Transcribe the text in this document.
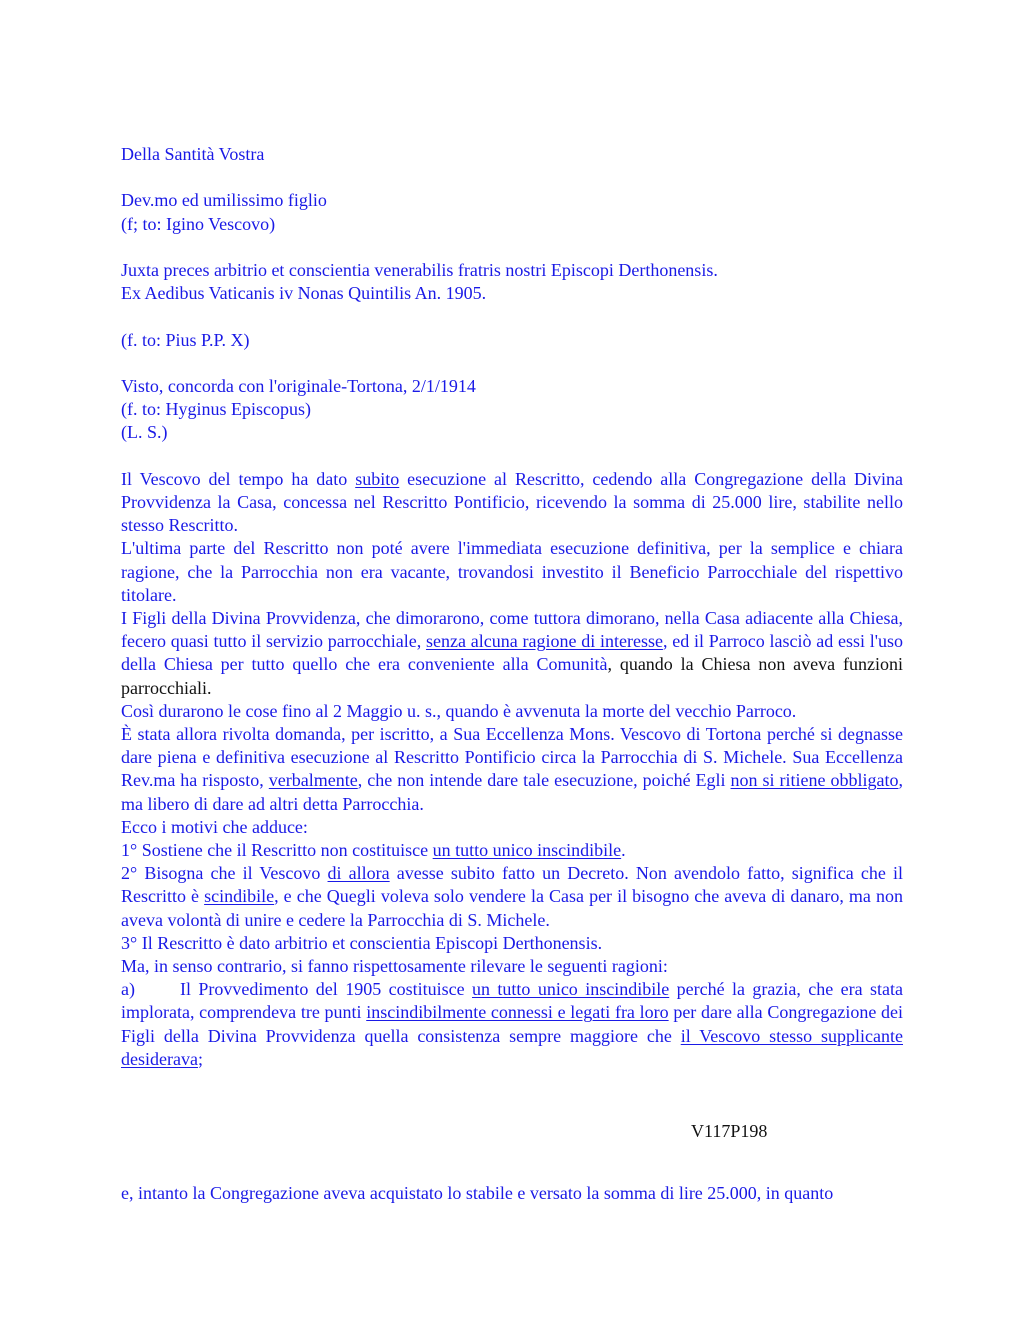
Della Santità Vostra

Dev.mo ed umilissimo figlio

(f; to: Igino Vescovo)

Juxta preces arbitrio et conscientia venerabilis fratris nostri Episcopi Derthonensis.

Ex Aedibus Vaticanis iv Nonas Quintilis An. 1905.

(f. to: Pius P.P. X)

Visto, concorda con l'originale-Tortona, 2/1/1914

(f. to: Hyginus Episcopus)

(L. S.)

Il Vescovo del tempo ha dato subito esecuzione al Rescritto, cedendo alla Congregazione della Divina Provvidenza la Casa, concessa nel Rescritto Pontificio, ricevendo la somma di 25.000 lire, stabilite nello stesso Rescritto.

L'ultima parte del Rescritto non poté avere l'immediata esecuzione definitiva, per la semplice e chiara ragione, che la Parrocchia non era vacante, trovandosi investito il Beneficio Parrocchiale del rispettivo titolare.

I Figli della Divina Provvidenza, che dimorarono, come tuttora dimorano, nella Casa adiacente alla Chiesa, fecero quasi tutto il servizio parrocchiale, senza alcuna ragione di interesse, ed il Parroco lasciò ad essi l'uso della Chiesa per tutto quello che era conveniente alla Comunità, quando la Chiesa non aveva funzioni parrocchiali.

Così durarono le cose fino al 2 Maggio u. s., quando è avvenuta la morte del vecchio Parroco.

È stata allora rivolta domanda, per iscritto, a Sua Eccellenza Mons. Vescovo di Tortona perché si degnasse dare piena e definitiva esecuzione al Rescritto Pontificio circa la Parrocchia di S. Michele. Sua Eccellenza Rev.ma ha risposto, verbalmente, che non intende dare tale esecuzione, poiché Egli non si ritiene obbligato, ma libero di dare ad altri detta Parrocchia.

Ecco i motivi che adduce:

1° Sostiene che il Rescritto non costituisce un tutto unico inscindibile.

2° Bisogna che il Vescovo di allora avesse subito fatto un Decreto. Non avendolo fatto, significa che il Rescritto è scindibile, e che Quegli voleva solo vendere la Casa per il bisogno che aveva di danaro, ma non aveva volontà di unire e cedere la Parrocchia di S. Michele.

3° Il Rescritto è dato arbitrio et conscientia Episcopi Derthonensis.

Ma, in senso contrario, si fanno rispettosamente rilevare le seguenti ragioni:

a)	Il Provvedimento del 1905 costituisce un tutto unico inscindibile perché la grazia, che era stata implorata, comprendeva tre punti inscindibilmente connessi e legati fra loro per dare alla Congregazione dei Figli della Divina Provvidenza quella consistenza sempre maggiore che il Vescovo stesso supplicante desiderava;

V117P198

e, intanto la Congregazione aveva acquistato lo stabile e versato la somma di lire 25.000, in quanto
